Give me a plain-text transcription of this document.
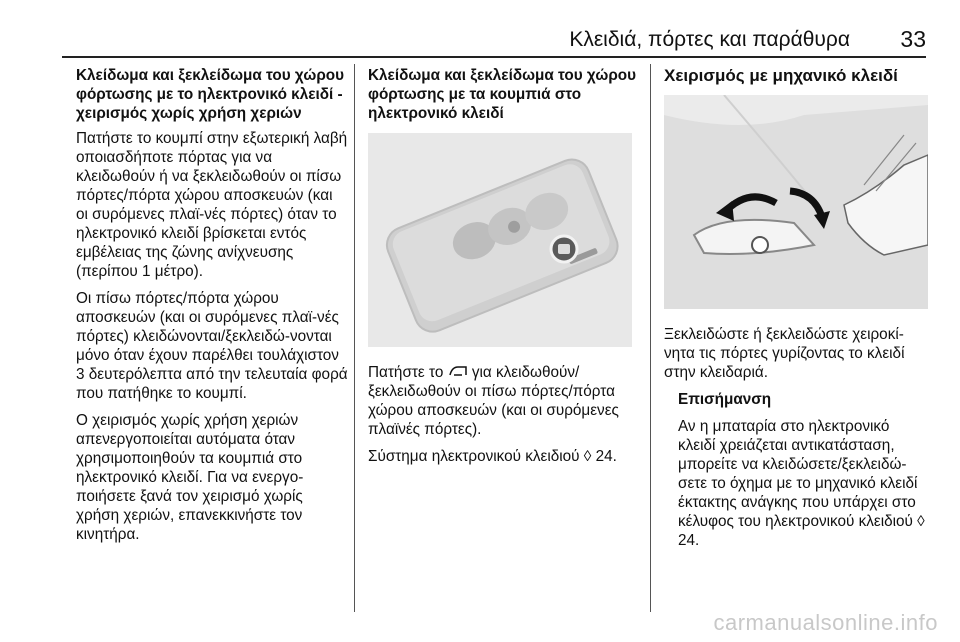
Κλειδιά, πόρτες και παράθυρα 33
Κλείδωμα και ξεκλείδωμα του χώρου φόρτωσης με το ηλεκτρονικό κλειδί - χειρισμός χωρίς χρήση χεριών

Πατήστε το κουμπί στην εξωτερική λαβή οποιασδήποτε πόρτας για να κλειδωθούν ή να ξεκλειδωθούν οι πίσω πόρτες/πόρτα χώρου αποσκευών (και οι συρόμενες πλαϊ-νές πόρτες) όταν το ηλεκτρονικό κλειδί βρίσκεται εντός εμβέλειας της ζώνης ανίχνευσης (περίπου 1 μέτρο).

Οι πίσω πόρτες/πόρτα χώρου αποσκευών (και οι συρόμενες πλαϊ-νές πόρτες) κλειδώνονται/ξεκλειδώ-νονται μόνο όταν έχουν παρέλθει τουλάχιστον 3 δευτερόλεπτα από την τελευταία φορά που πατήθηκε το κουμπί.

Ο χειρισμός χωρίς χρήση χεριών απενεργοποιείται αυτόματα όταν χρησιμοποιηθούν τα κουμπιά στο ηλεκτρονικό κλειδί. Για να ενεργο-ποιήσετε ξανά τον χειρισμό χωρίς χρήση χεριών, επανεκκινήστε τον κινητήρα.

Κλείδωμα και ξεκλείδωμα του χώρου φόρτωσης με τα κουμπιά στο ηλεκτρονικό κλειδί

Πατήστε το για κλειδωθούν/ ξεκλειδωθούν οι πίσω πόρτες/πόρτα χώρου αποσκευών (και οι συρόμενες πλαϊνές πόρτες).

Σύστημα ηλεκτρονικού κλειδιού ◊ 24.

Χειρισμός με μηχανικό κλειδί

Ξεκλειδώστε ή ξεκλειδώστε χειροκί-νητα τις πόρτες γυρίζοντας το κλειδί στην κλειδαριά.

Επισήμανση

Αν η μπαταρία στο ηλεκτρονικό κλειδί χρειάζεται αντικατάσταση, μπορείτε να κλειδώσετε/ξεκλειδώ-σετε το όχημα με το μηχανικό κλειδί έκτακτης ανάγκης που υπάρχει στο κέλυφος του ηλεκτρονικού κλειδιού ◊ 24.

carmanualsonline.info
